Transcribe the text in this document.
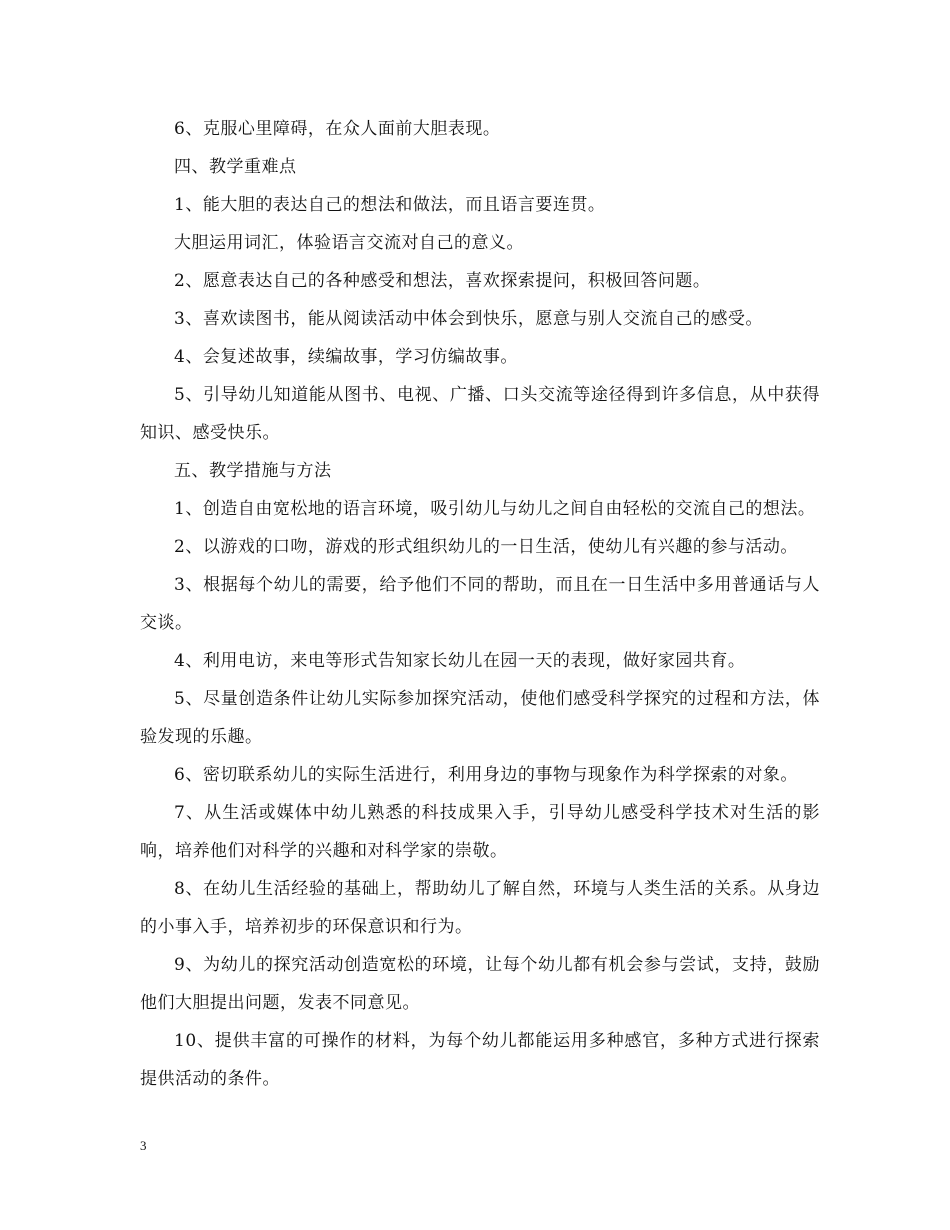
6、克服心里障碍，在众人面前大胆表现。

四、教学重难点

1、能大胆的表达自己的想法和做法，而且语言要连贯。

大胆运用词汇，体验语言交流对自己的意义。

2、愿意表达自己的各种感受和想法，喜欢探索提问，积极回答问题。

3、喜欢读图书，能从阅读活动中体会到快乐，愿意与别人交流自己的感受。

4、会复述故事，续编故事，学习仿编故事。

5、引导幼儿知道能从图书、电视、广播、口头交流等途径得到许多信息，从中获得知识、感受快乐。

五、教学措施与方法

1、创造自由宽松地的语言环境，吸引幼儿与幼儿之间自由轻松的交流自己的想法。

2、以游戏的口吻，游戏的形式组织幼儿的一日生活，使幼儿有兴趣的参与活动。

3、根据每个幼儿的需要，给予他们不同的帮助，而且在一日生活中多用普通话与人交谈。

4、利用电访，来电等形式告知家长幼儿在园一天的表现，做好家园共育。

5、尽量创造条件让幼儿实际参加探究活动，使他们感受科学探究的过程和方法，体验发现的乐趣。

6、密切联系幼儿的实际生活进行，利用身边的事物与现象作为科学探索的对象。

7、从生活或媒体中幼儿熟悉的科技成果入手，引导幼儿感受科学技术对生活的影响，培养他们对科学的兴趣和对科学家的崇敬。

8、在幼儿生活经验的基础上，帮助幼儿了解自然，环境与人类生活的关系。从身边的小事入手，培养初步的环保意识和行为。

9、为幼儿的探究活动创造宽松的环境，让每个幼儿都有机会参与尝试，支持，鼓励他们大胆提出问题，发表不同意见。

10、提供丰富的可操作的材料，为每个幼儿都能运用多种感官，多种方式进行探索提供活动的条件。

3
